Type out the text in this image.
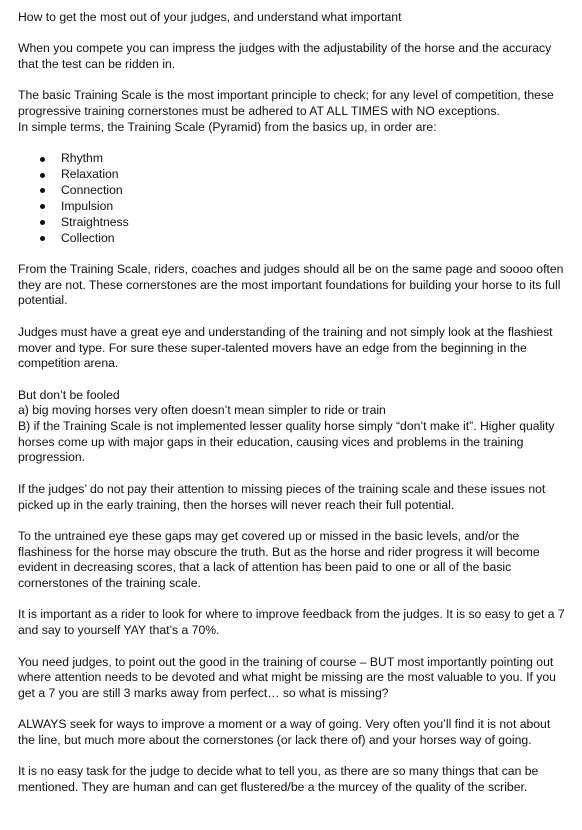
How to get the most out of your judges, and understand what important

When you compete you can impress the judges with the adjustability of the horse and the accuracy that the test can be ridden in.

The basic Training Scale is the most important principle to check; for any level of competition, these progressive training cornerstones must be adhered to AT ALL TIMES with NO exceptions.

In simple terms, the Training Scale (Pyramid) from the basics up, in order are:

Rhythm
Relaxation
Connection
Impulsion
Straightness
Collection

From the Training Scale, riders, coaches and judges should all be on the same page and soooo often they are not. These cornerstones are the most important foundations for building your horse to its full potential.

Judges must have a great eye and understanding of the training and not simply look at the flashiest mover and type. For sure these super-talented movers have an edge from the beginning in the competition arena.

But don’t be fooled

a) big moving horses very often doesn’t mean simpler to ride or train

B) if the Training Scale is not implemented lesser quality horse simply “don’t make it”. Higher quality horses come up with major gaps in their education, causing vices and problems in the training progression.

If the judges’ do not pay their attention to missing pieces of the training scale and these issues not picked up in the early training, then the horses will never reach their full potential.

To the untrained eye these gaps may get covered up or missed in the basic levels, and/or the flashiness for the horse may obscure the truth. But as the horse and rider progress it will become evident in decreasing scores, that a lack of attention has been paid to one or all of the basic cornerstones of the training scale.

It is important as a rider to look for where to improve feedback from the judges. It is so easy to get a 7 and say to yourself YAY that’s a 70%.

You need judges, to point out the good in the training of course – BUT most importantly pointing out where attention needs to be devoted and what might be missing are the most valuable to you. If you get a 7 you are still 3 marks away from perfect… so what is missing?

ALWAYS seek for ways to improve a moment or a way of going. Very often you’ll find it is not about the line, but much more about the cornerstones (or lack there of) and your horses way of going.

It is no easy task for the judge to decide what to tell you, as there are so many things that can be mentioned. They are human and can get flustered/be a the murcey of the quality of the scriber.
